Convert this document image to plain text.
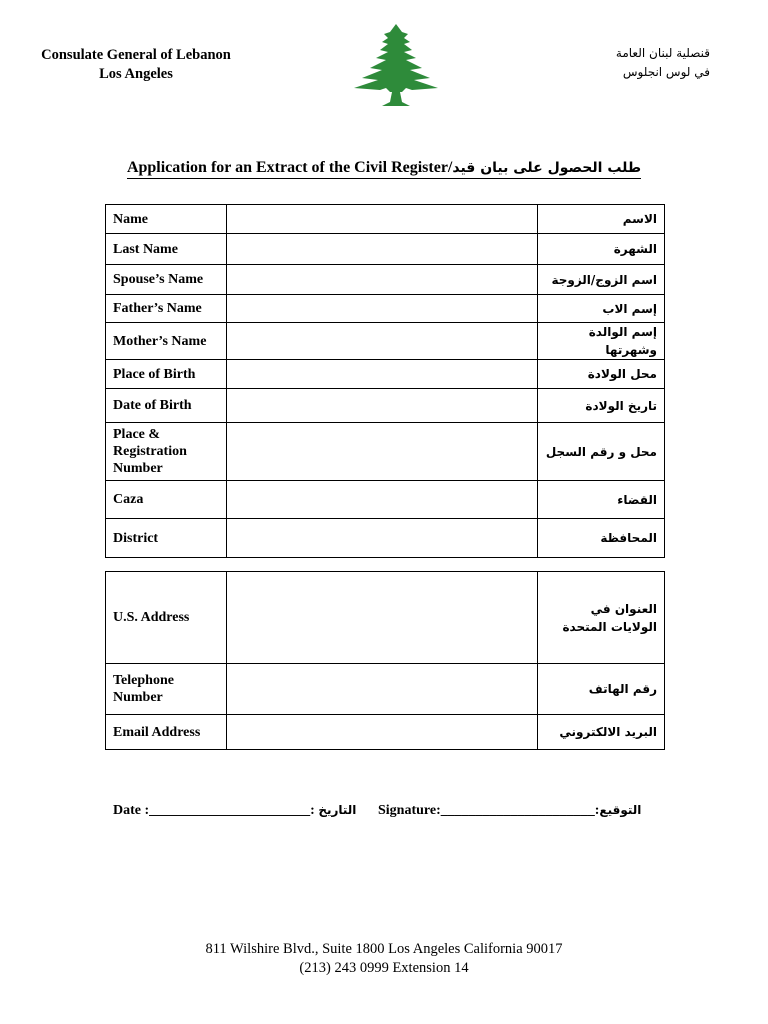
Consulate General of Lebanon
Los Angeles
قنصلية لبنان العامة
في لوس انجلوس
Application for an Extract of the Civil Register/طلب الحصول على بيان قيد
Name		الاسم
Last Name		الشهرة
Spouse’s Name		اسم الزوج/الزوجة
Father’s Name		إسم الاب
Mother’s Name		إسم الوالدة وشهرتها
Place of Birth		محل الولادة
Date of Birth		تاريخ الولادة
Place & Registration Number		محل و رقم السجل
Caza		القضاء
District		المحافظة
U.S. Address		العنوان في الولايات المتحدة
Telephone Number		رقم الهاتف
Email Address		البريد الالكتروني
Date :_______________________: التاريخ Signature:______________________:التوقيع
811 Wilshire Blvd., Suite 1800 Los Angeles California 90017
(213) 243 0999 Extension 14
